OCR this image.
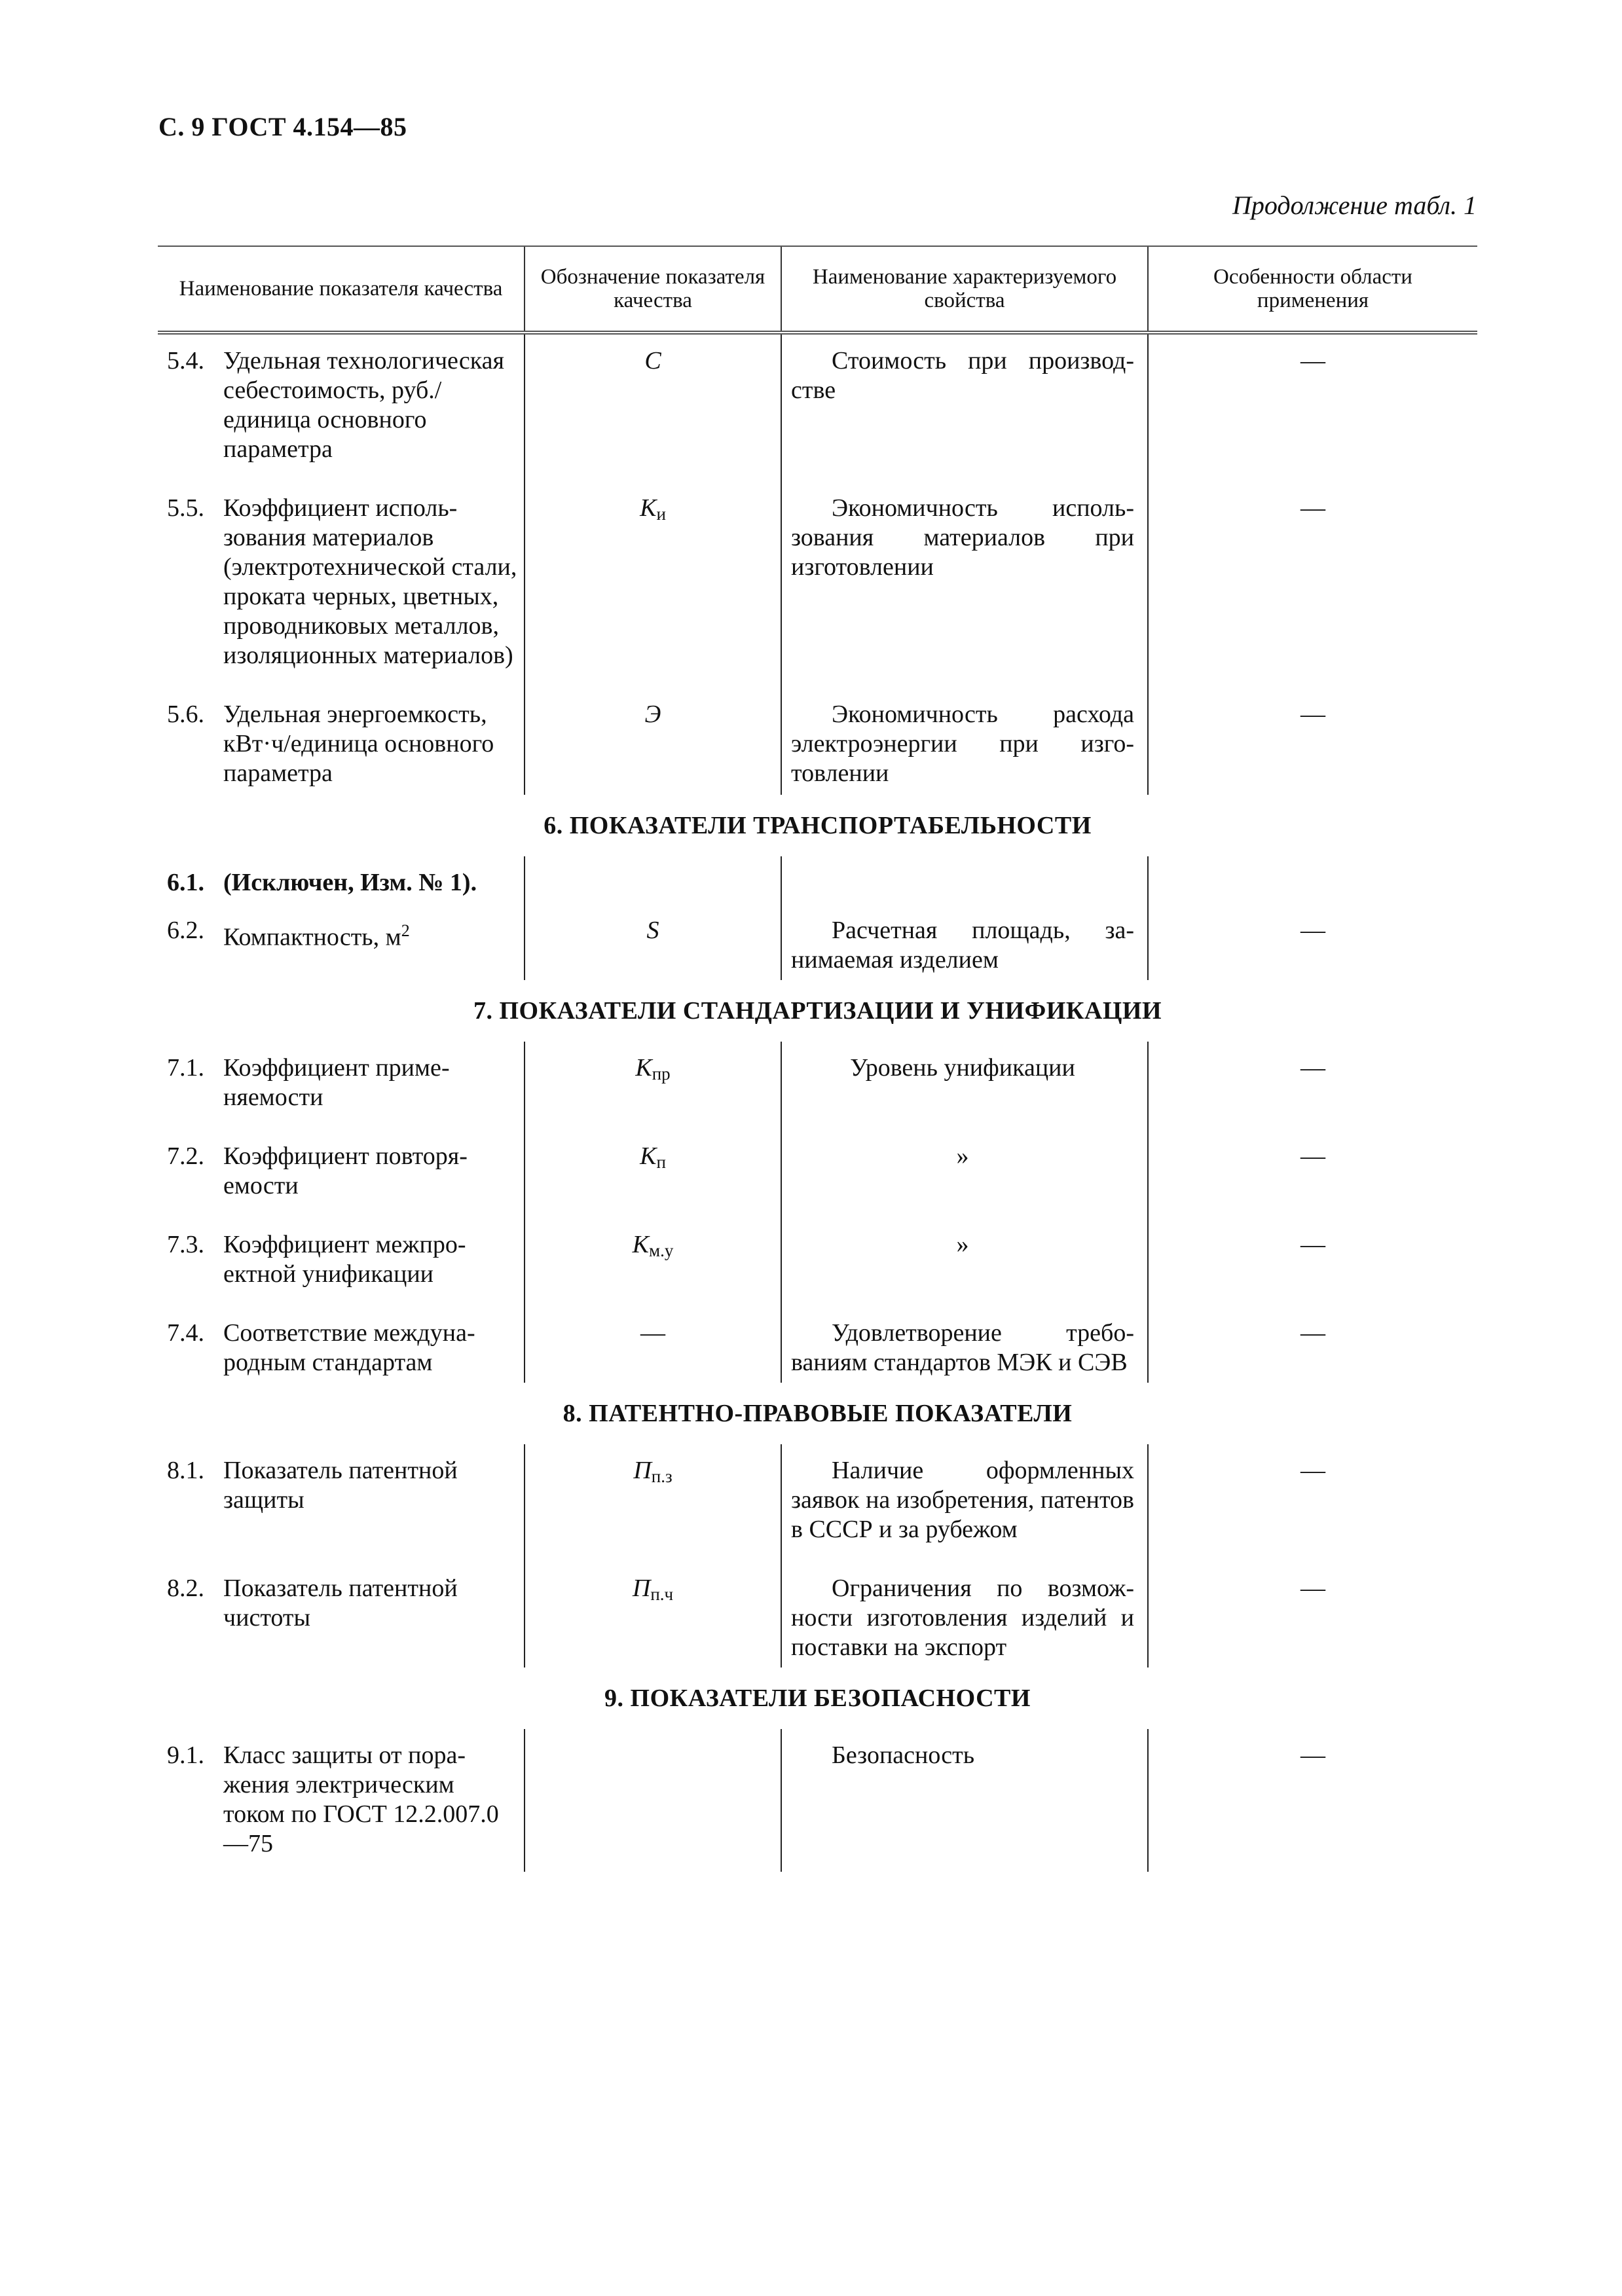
С. 9 ГОСТ 4.154—85
Продолжение табл. 1
Наименование показателя качества	Обозначение показателя качества	Наименование характеризуемого свойства	Особенности области применения

5.4. Удельная технологическая себестоимость, руб./единица основного параметра	C	Стоимость при производстве	—

5.5. Коэффициент использования материалов (электротехнической стали, проката черных, цветных, проводниковых металлов, изоляционных материалов)	$K_и$	Экономичность использования материалов при изготовлении	—

5.6. Удельная энергоемкость, кВт·ч/единица основного параметра	Э	Экономичность расхода электроэнергии при изготовлении	—
6. ПОКАЗАТЕЛИ ТРАНСПОРТАБЕЛЬНОСТИ			

6.1. (Исключен, Изм. № 1).			

6.2. Компактность, $м^2$	S	Расчетная площадь, занимаемая изделием	—
7. ПОКАЗАТЕЛИ СТАНДАРТИЗАЦИИ И УНИФИКАЦИИ			

7.1. Коэффициент применяемости	$K_{пр}$	Уровень унификации	—

7.2. Коэффициент повторяемости	$K_п$	»	—

7.3. Коэффициент межпроектной унификации	$K_{м.у}$	»	—

7.4. Соответствие международным стандартам	—	Удовлетворение требованиям стандартов МЭК и СЭВ	—
8. ПАТЕНТНО-ПРАВОВЫЕ ПОКАЗАТЕЛИ			

8.1. Показатель патентной защиты	$П_{п.з}$	Наличие оформленных заявок на изобретения, патентов в СССР и за рубежом	—

8.2. Показатель патентной чистоты	$П_{п.ч}$	Ограничения по возможности изготовления изделий и поставки на экспорт	—
9. ПОКАЗАТЕЛИ БЕЗОПАСНОСТИ			

9.1. Класс защиты от поражения электрическим током по ГОСТ 12.2.007.0—75		Безопасность	—
